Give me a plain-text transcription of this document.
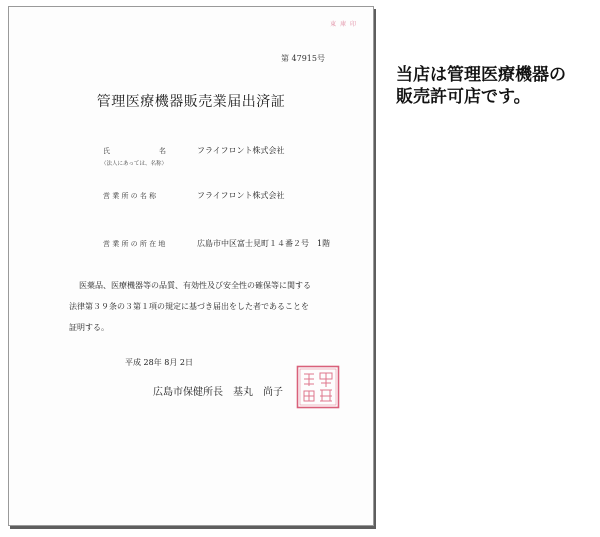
東 庫 印
第 47915号
管理医療機器販売業届出済証
氏　　　　　　　名	フライフロント株式会社
（法人にあっては、名称）
営 業 所 の 名 称	フライフロント株式会社
営 業 所 の 所 在 地	広島市中区富士見町１４番２号　1階
医薬品、医療機器等の品質、有効性及び安全性の確保等に関する
法律第３９条の３第１項の規定に基づき届出をした者であることを
証明する。
平成 28年 8月 2日
広島市保健所長　基丸　尚子
当店は管理医療機器の
販売許可店です。
